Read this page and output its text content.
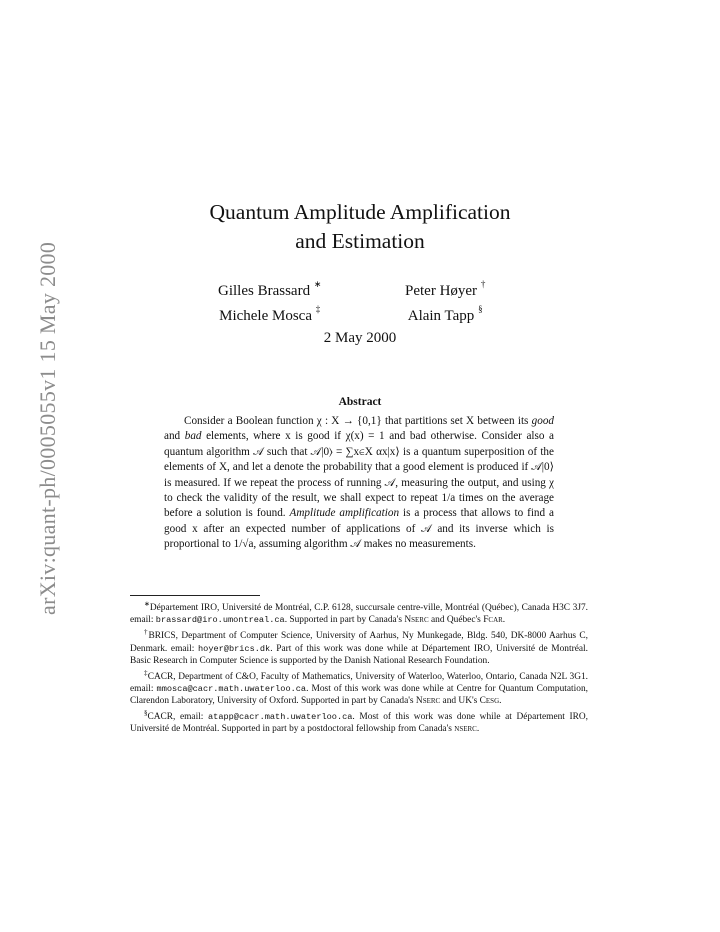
arXiv:quant-ph/0005055v1 15 May 2000
Quantum Amplitude Amplification
and Estimation
Gilles Brassard ∗
Michele Mosca ‡
Peter Høyer †
Alain Tapp §
2 May 2000
Abstract

Consider a Boolean function χ : X → {0,1} that partitions set X between its good and bad elements, where x is good if χ(x) = 1 and bad otherwise. Consider also a quantum algorithm 𝒜 such that 𝒜|0⟩ = ∑x∈X αx|x⟩ is a quantum superposition of the elements of X, and let a denote the probability that a good element is produced if 𝒜|0⟩ is measured. If we repeat the process of running 𝒜, measuring the output, and using χ to check the validity of the result, we shall expect to repeat 1/a times on the average before a solution is found. Amplitude amplification is a process that allows to find a good x after an expected number of applications of 𝒜 and its inverse which is proportional to 1/√a, assuming algorithm 𝒜 makes no measurements.

∗Département IRO, Université de Montréal, C.P. 6128, succursale centre-ville, Montréal (Québec), Canada H3C 3J7. email: brassard@iro.umontreal.ca. Supported in part by Canada's Nserc and Québec's Fcar.

†BRICS, Department of Computer Science, University of Aarhus, Ny Munkegade, Bldg. 540, DK-8000 Aarhus C, Denmark. email: hoyer@brics.dk. Part of this work was done while at Département IRO, Université de Montréal. Basic Research in Computer Science is supported by the Danish National Research Foundation.

‡CACR, Department of C&O, Faculty of Mathematics, University of Waterloo, Waterloo, Ontario, Canada N2L 3G1. email: mmosca@cacr.math.uwaterloo.ca. Most of this work was done while at Centre for Quantum Computation, Clarendon Laboratory, University of Oxford. Supported in part by Canada's Nserc and UK's Cesg.

§CACR, email: atapp@cacr.math.uwaterloo.ca. Most of this work was done while at Département IRO, Université de Montréal. Supported in part by a postdoctoral fellowship from Canada's nserc.
